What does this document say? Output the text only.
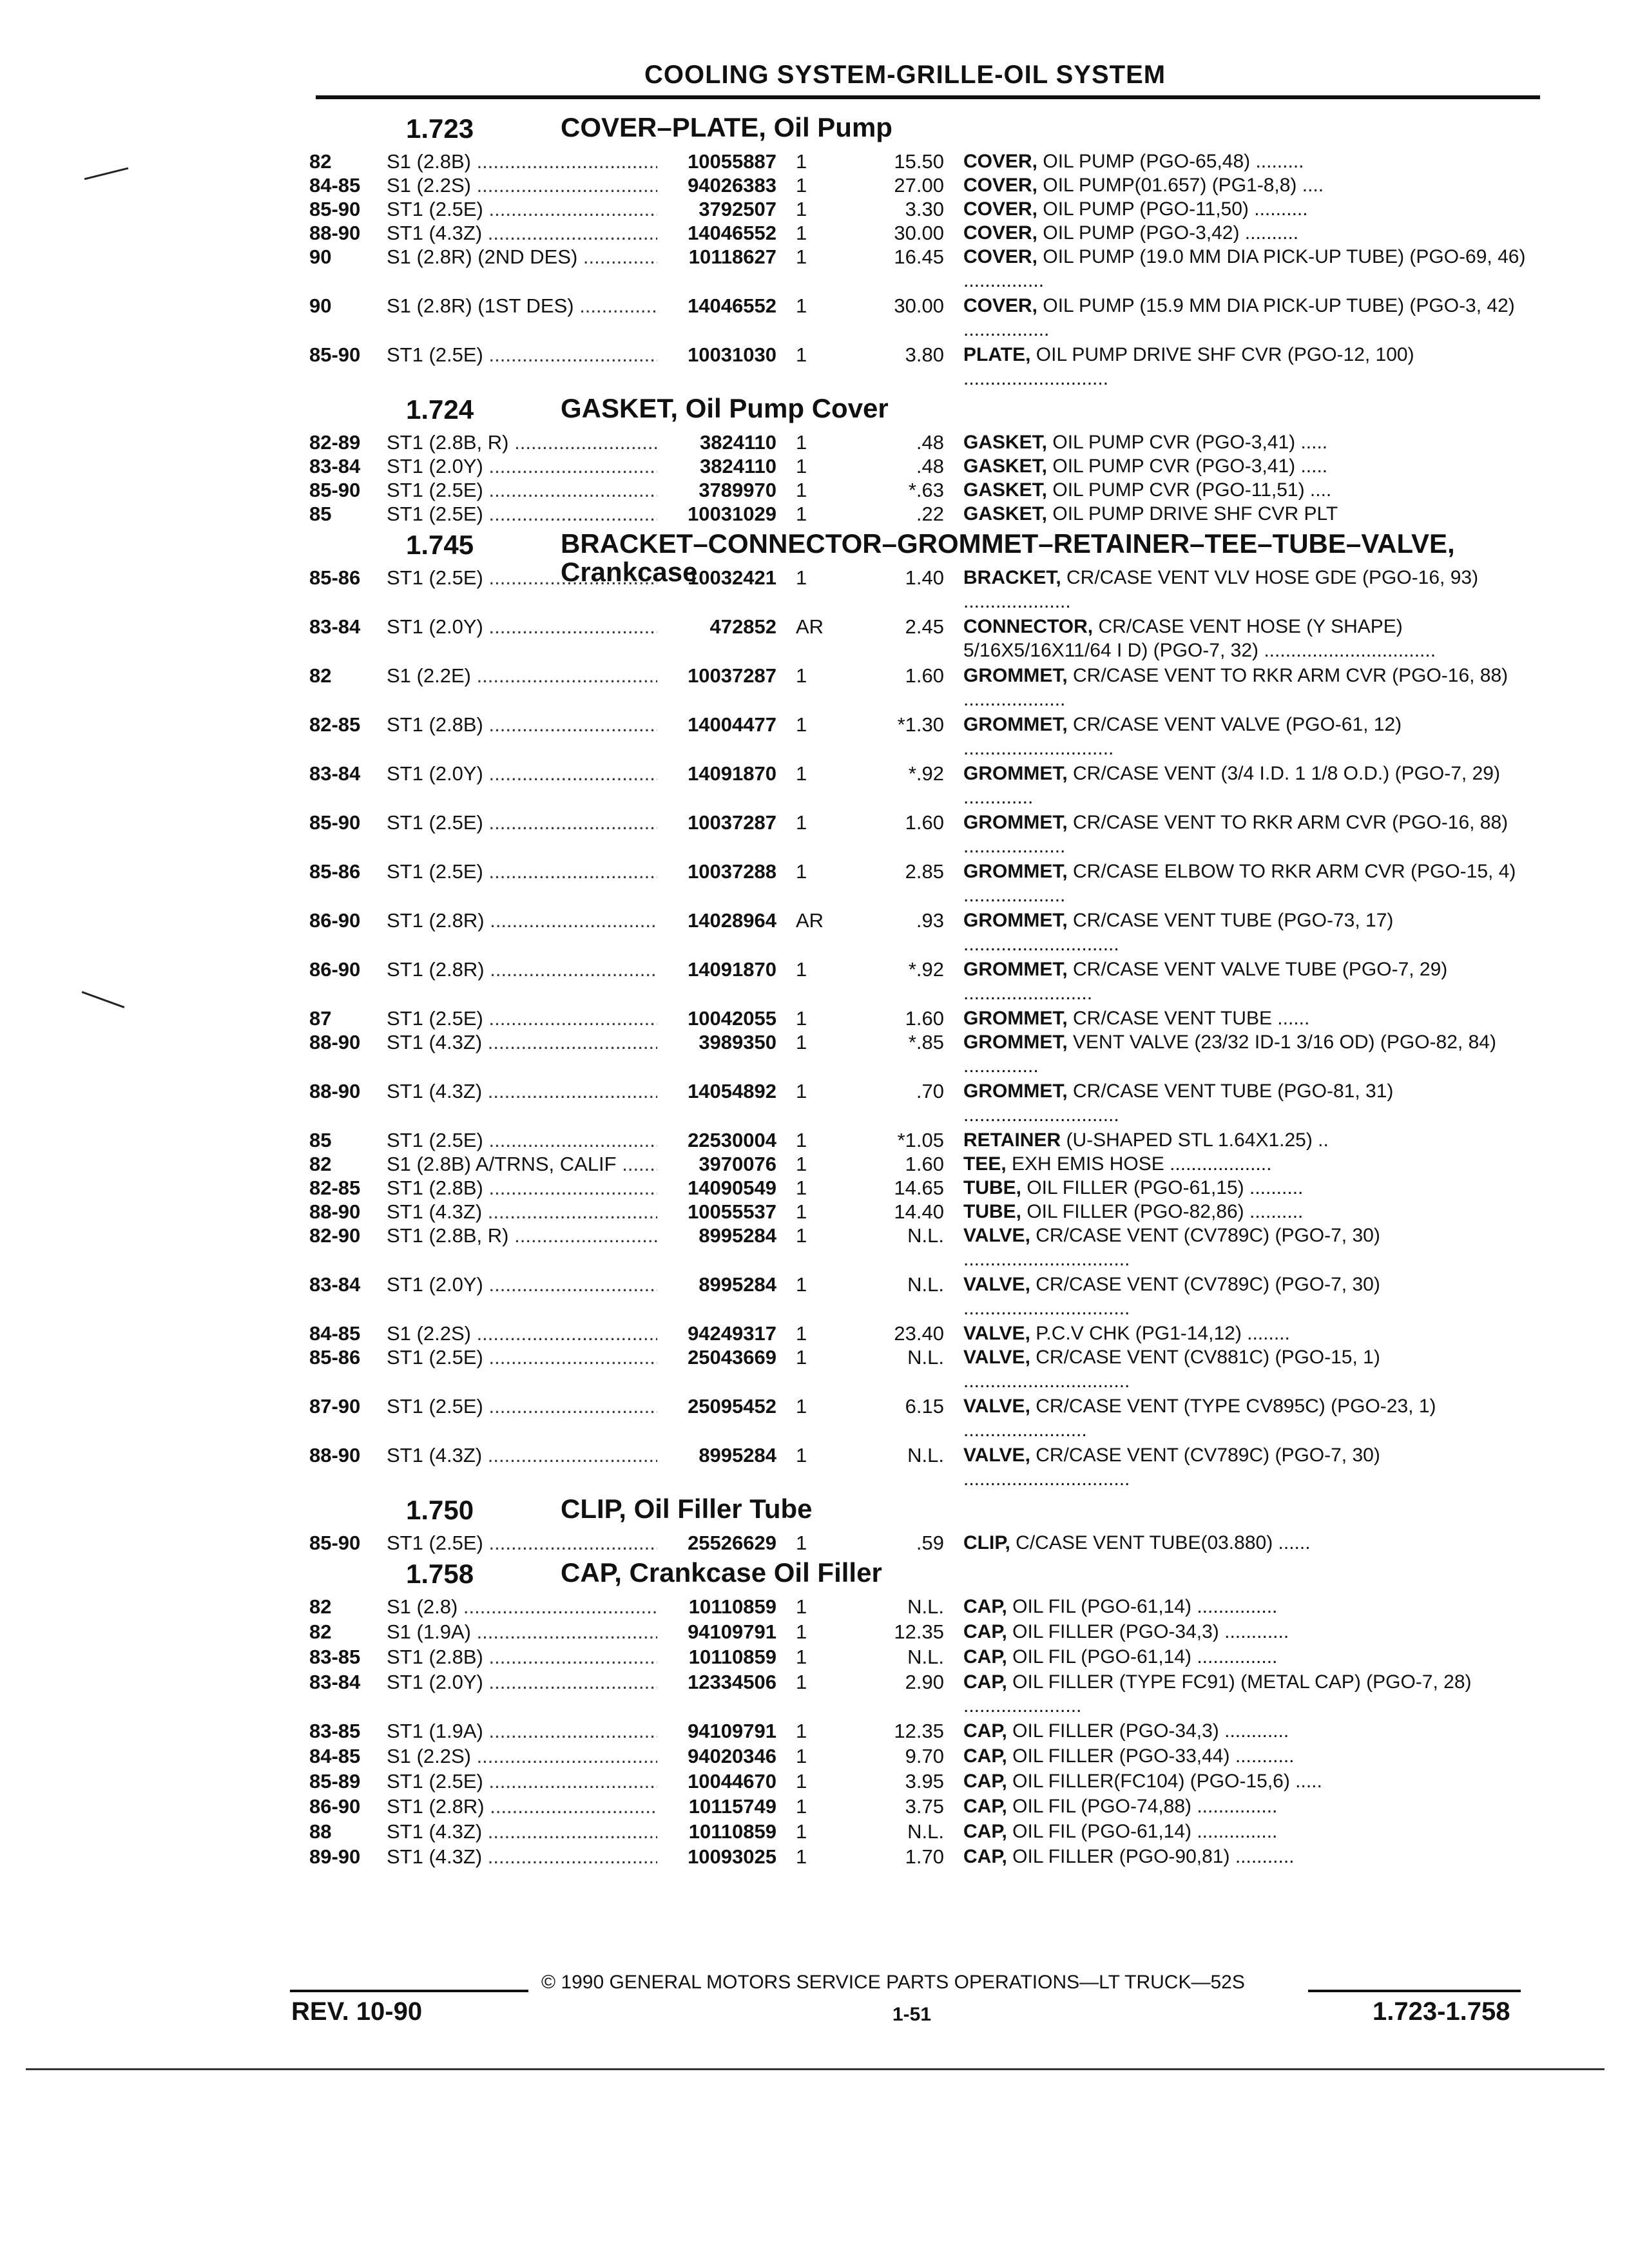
COOLING SYSTEM-GRILLE-OIL SYSTEM
1.723	COVER–PLATE, Oil Pump
82	S1 (2.8B) .....	10055887 1	15.50	COVER, OIL PUMP (PGO-65,48) .........
84-85	S1 (2.2S) .....	94026383 1	27.00	COVER, OIL PUMP(01.657) (PG1-8,8) ....
85-90	ST1 (2.5E) .....	3792507 1	3.30	COVER, OIL PUMP (PGO-11,50) ..........
88-90	ST1 (4.3Z) .....	14046552 1	30.00	COVER, OIL PUMP (PGO-3,42) ..........
90	S1 (2.8R) (2ND DES) .....	10118627 1	16.45	COVER, OIL PUMP (19.0 MM DIA PICK-UP TUBE) (PGO-69, 46) ...............
90	S1 (2.8R) (1ST DES) .....	14046552 1	30.00	COVER, OIL PUMP (15.9 MM DIA PICK-UP TUBE) (PGO-3, 42) ................
85-90	ST1 (2.5E) .....	10031030 1	3.80	PLATE, OIL PUMP DRIVE SHF CVR (PGO-12, 100) ...........................
1.724	GASKET, Oil Pump Cover
82-89	ST1 (2.8B, R) .....	3824110 1	.48	GASKET, OIL PUMP CVR (PGO-3,41) .....
83-84	ST1 (2.0Y) .....	3824110 1	.48	GASKET, OIL PUMP CVR (PGO-3,41) .....
85-90	ST1 (2.5E) .....	3789970 1	*.63	GASKET, OIL PUMP CVR (PGO-11,51) ....
85	ST1 (2.5E) .....	10031029 1	.22	GASKET, OIL PUMP DRIVE SHF CVR PLT
1.745	BRACKET–CONNECTOR–GROMMET–RETAINER–TEE–TUBE–VALVE, Crankcase
85-86	ST1 (2.5E) .....	10032421 1	1.40	BRACKET, CR/CASE VENT VLV HOSE GDE (PGO-16, 93) ....................
83-84	ST1 (2.0Y) .....	472852 AR	2.45	CONNECTOR, CR/CASE VENT HOSE (Y SHAPE) 5/16X5/16X11/64 I D) (PGO-7, 32) ................................
82	S1 (2.2E) .....	10037287 1	1.60	GROMMET, CR/CASE VENT TO RKR ARM CVR (PGO-16, 88) ...................
82-85	ST1 (2.8B) .....	14004477 1	*1.30	GROMMET, CR/CASE VENT VALVE (PGO-61, 12) ............................
83-84	ST1 (2.0Y) .....	14091870 1	*.92	GROMMET, CR/CASE VENT (3/4 I.D. 1 1/8 O.D.) (PGO-7, 29) .............
85-90	ST1 (2.5E) .....	10037287 1	1.60	GROMMET, CR/CASE VENT TO RKR ARM CVR (PGO-16, 88) ...................
85-86	ST1 (2.5E) .....	10037288 1	2.85	GROMMET, CR/CASE ELBOW TO RKR ARM CVR (PGO-15, 4) ...................
86-90	ST1 (2.8R) .....	14028964 AR	.93	GROMMET, CR/CASE VENT TUBE (PGO-73, 17) .............................
86-90	ST1 (2.8R) .....	14091870 1	*.92	GROMMET, CR/CASE VENT VALVE TUBE (PGO-7, 29) ........................
87	ST1 (2.5E) .....	10042055 1	1.60	GROMMET, CR/CASE VENT TUBE ......
88-90	ST1 (4.3Z) .....	3989350 1	*.85	GROMMET, VENT VALVE (23/32 ID-1 3/16 OD) (PGO-82, 84) ..............
88-90	ST1 (4.3Z) .....	14054892 1	.70	GROMMET, CR/CASE VENT TUBE (PGO-81, 31) .............................
85	ST1 (2.5E) .....	22530004 1	*1.05	RETAINER (U-SHAPED STL 1.64X1.25) ..
82	S1 (2.8B) A/TRNS, CALIF .....	3970076 1	1.60	TEE, EXH EMIS HOSE ...................
82-85	ST1 (2.8B) .....	14090549 1	14.65	TUBE, OIL FILLER (PGO-61,15) ..........
88-90	ST1 (4.3Z) .....	10055537 1	14.40	TUBE, OIL FILLER (PGO-82,86) ..........
82-90	ST1 (2.8B, R) .....	8995284 1	N.L.	VALVE, CR/CASE VENT (CV789C) (PGO-7, 30) ...............................
83-84	ST1 (2.0Y) .....	8995284 1	N.L.	VALVE, CR/CASE VENT (CV789C) (PGO-7, 30) ...............................
84-85	S1 (2.2S) .....	94249317 1	23.40	VALVE, P.C.V CHK (PG1-14,12) ........
85-86	ST1 (2.5E) .....	25043669 1	N.L.	VALVE, CR/CASE VENT (CV881C) (PGO-15, 1) ...............................
87-90	ST1 (2.5E) .....	25095452 1	6.15	VALVE, CR/CASE VENT (TYPE CV895C) (PGO-23, 1) .......................
88-90	ST1 (4.3Z) .....	8995284 1	N.L.	VALVE, CR/CASE VENT (CV789C) (PGO-7, 30) ...............................
1.750	CLIP, Oil Filler Tube
85-90	ST1 (2.5E) .....	25526629 1	.59	CLIP, C/CASE VENT TUBE(03.880) ......
1.758	CAP, Crankcase Oil Filler
82	S1 (2.8) .....	10110859 1	N.L.	CAP, OIL FIL (PGO-61,14) ...............
82	S1 (1.9A) .....	94109791 1	12.35	CAP, OIL FILLER (PGO-34,3) ............
83-85	ST1 (2.8B) .....	10110859 1	N.L.	CAP, OIL FIL (PGO-61,14) ...............
83-84	ST1 (2.0Y) .....	12334506 1	2.90	CAP, OIL FILLER (TYPE FC91) (METAL CAP) (PGO-7, 28) ......................
83-85	ST1 (1.9A) .....	94109791 1	12.35	CAP, OIL FILLER (PGO-34,3) ............
84-85	S1 (2.2S) .....	94020346 1	9.70	CAP, OIL FILLER (PGO-33,44) ...........
85-89	ST1 (2.5E) .....	10044670 1	3.95	CAP, OIL FILLER(FC104) (PGO-15,6) .....
86-90	ST1 (2.8R) .....	10115749 1	3.75	CAP, OIL FIL (PGO-74,88) ...............
88	ST1 (4.3Z) .....	10110859 1	N.L.	CAP, OIL FIL (PGO-61,14) ...............
89-90	ST1 (4.3Z) .....	10093025 1	1.70	CAP, OIL FILLER (PGO-90,81) ...........
© 1990 GENERAL MOTORS SERVICE PARTS OPERATIONS—LT TRUCK—52S
REV. 10-90	1-51	1.723-1.758
